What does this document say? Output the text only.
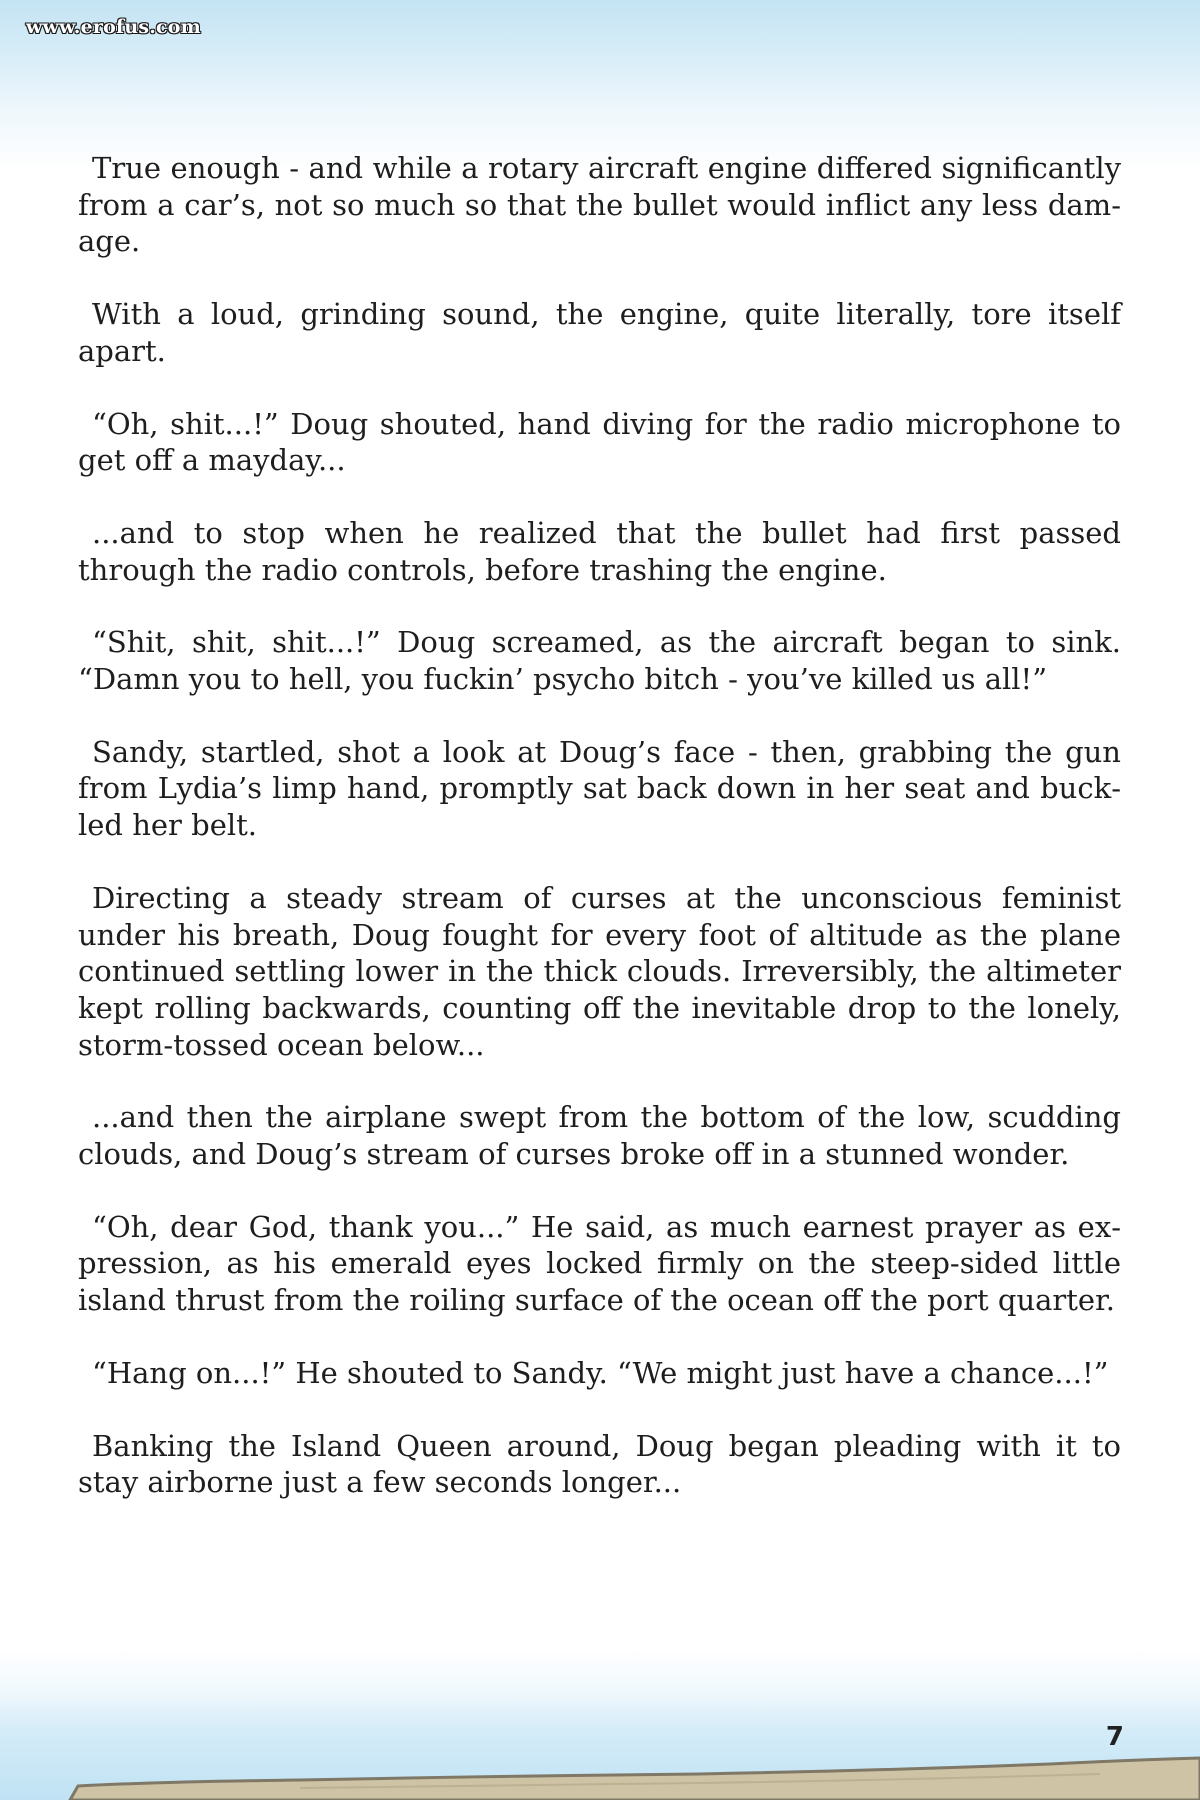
www.erofus.com

True enough - and while a rotary aircraft engine differed significantly from a car’s, not so much so that the bullet would inflict any less damage.

With a loud, grinding sound, the engine, quite literally, tore itself apart.

“Oh, shit...!” Doug shouted, hand diving for the radio microphone to get off a mayday...

...and to stop when he realized that the bullet had first passed through the radio controls, before trashing the engine.

“Shit, shit, shit...!” Doug screamed, as the aircraft began to sink. “Damn you to hell, you fuckin’ psycho bitch - you’ve killed us all!”

Sandy, startled, shot a look at Doug’s face - then, grabbing the gun from Lydia’s limp hand, promptly sat back down in her seat and buckled her belt.

Directing a steady stream of curses at the unconscious feminist under his breath, Doug fought for every foot of altitude as the plane continued settling lower in the thick clouds. Irreversibly, the altimeter kept rolling backwards, counting off the inevitable drop to the lonely, storm-tossed ocean below...

...and then the airplane swept from the bottom of the low, scudding clouds, and Doug’s stream of curses broke off in a stunned wonder.

“Oh, dear God, thank you...” He said, as much earnest prayer as expression, as his emerald eyes locked firmly on the steep-sided little island thrust from the roiling surface of the ocean off the port quarter.

“Hang on...!” He shouted to Sandy. “We might just have a chance...!”

Banking the Island Queen around, Doug began pleading with it to stay airborne just a few seconds longer...

7
